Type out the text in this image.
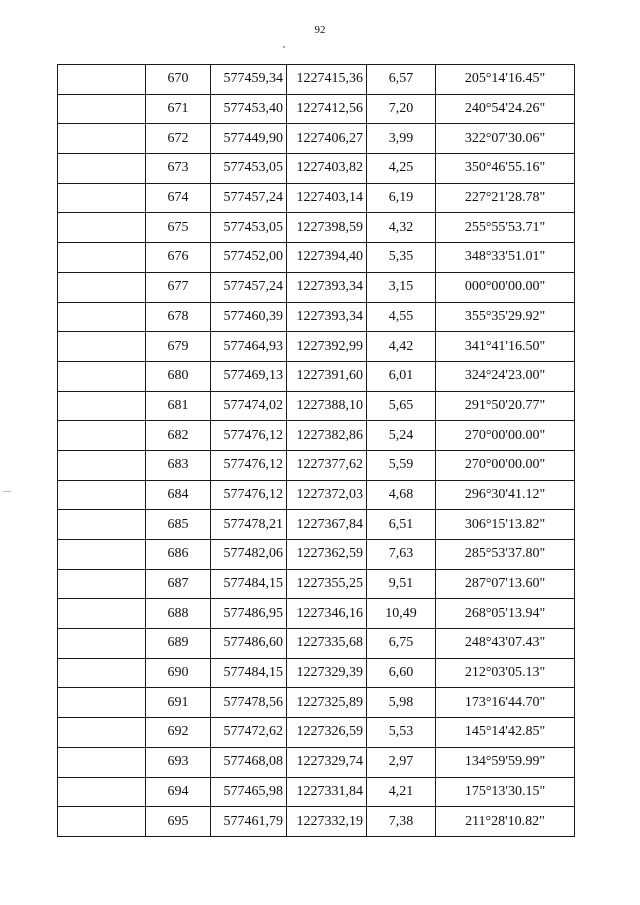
92
	670	577459,34	1227415,36	6,57	205°14'16.45"
	671	577453,40	1227412,56	7,20	240°54'24.26"
	672	577449,90	1227406,27	3,99	322°07'30.06"
	673	577453,05	1227403,82	4,25	350°46'55.16"
	674	577457,24	1227403,14	6,19	227°21'28.78"
	675	577453,05	1227398,59	4,32	255°55'53.71"
	676	577452,00	1227394,40	5,35	348°33'51.01"
	677	577457,24	1227393,34	3,15	000°00'00.00"
	678	577460,39	1227393,34	4,55	355°35'29.92"
	679	577464,93	1227392,99	4,42	341°41'16.50"
	680	577469,13	1227391,60	6,01	324°24'23.00"
	681	577474,02	1227388,10	5,65	291°50'20.77"
	682	577476,12	1227382,86	5,24	270°00'00.00"
	683	577476,12	1227377,62	5,59	270°00'00.00"
	684	577476,12	1227372,03	4,68	296°30'41.12"
	685	577478,21	1227367,84	6,51	306°15'13.82"
	686	577482,06	1227362,59	7,63	285°53'37.80"
	687	577484,15	1227355,25	9,51	287°07'13.60"
	688	577486,95	1227346,16	10,49	268°05'13.94"
	689	577486,60	1227335,68	6,75	248°43'07.43"
	690	577484,15	1227329,39	6,60	212°03'05.13"
	691	577478,56	1227325,89	5,98	173°16'44.70"
	692	577472,62	1227326,59	5,53	145°14'42.85"
	693	577468,08	1227329,74	2,97	134°59'59.99"
	694	577465,98	1227331,84	4,21	175°13'30.15"
	695	577461,79	1227332,19	7,38	211°28'10.82"
